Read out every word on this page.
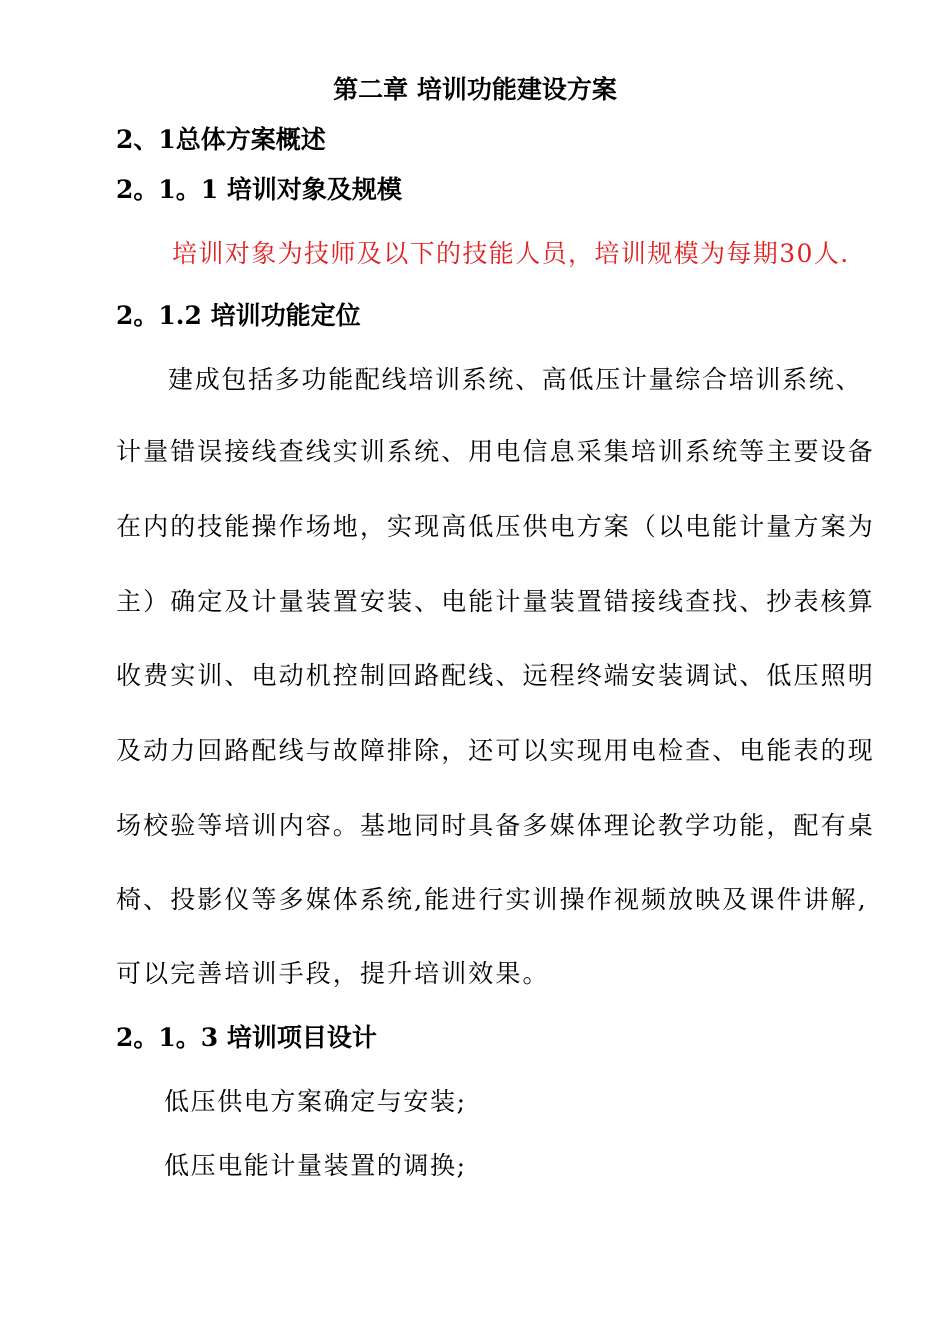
第二章 培训功能建设方案
2、1总体方案概述
2。1。1 培训对象及规模
培训对象为技师及以下的技能人员，培训规模为每期30人.
2。1.2 培训功能定位
建成包括多功能配线培训系统、高低压计量综合培训系统、
计量错误接线查线实训系统、用电信息采集培训系统等主要设备
在内的技能操作场地，实现高低压供电方案（以电能计量方案为
主）确定及计量装置安装、电能计量装置错接线查找、抄表核算
收费实训、电动机控制回路配线、远程终端安装调试、低压照明
及动力回路配线与故障排除，还可以实现用电检查、电能表的现
场校验等培训内容。基地同时具备多媒体理论教学功能，配有桌
椅、投影仪等多媒体系统,能进行实训操作视频放映及课件讲解,
可以完善培训手段，提升培训效果。
2。1。3 培训项目设计
低压供电方案确定与安装;
低压电能计量装置的调换;
